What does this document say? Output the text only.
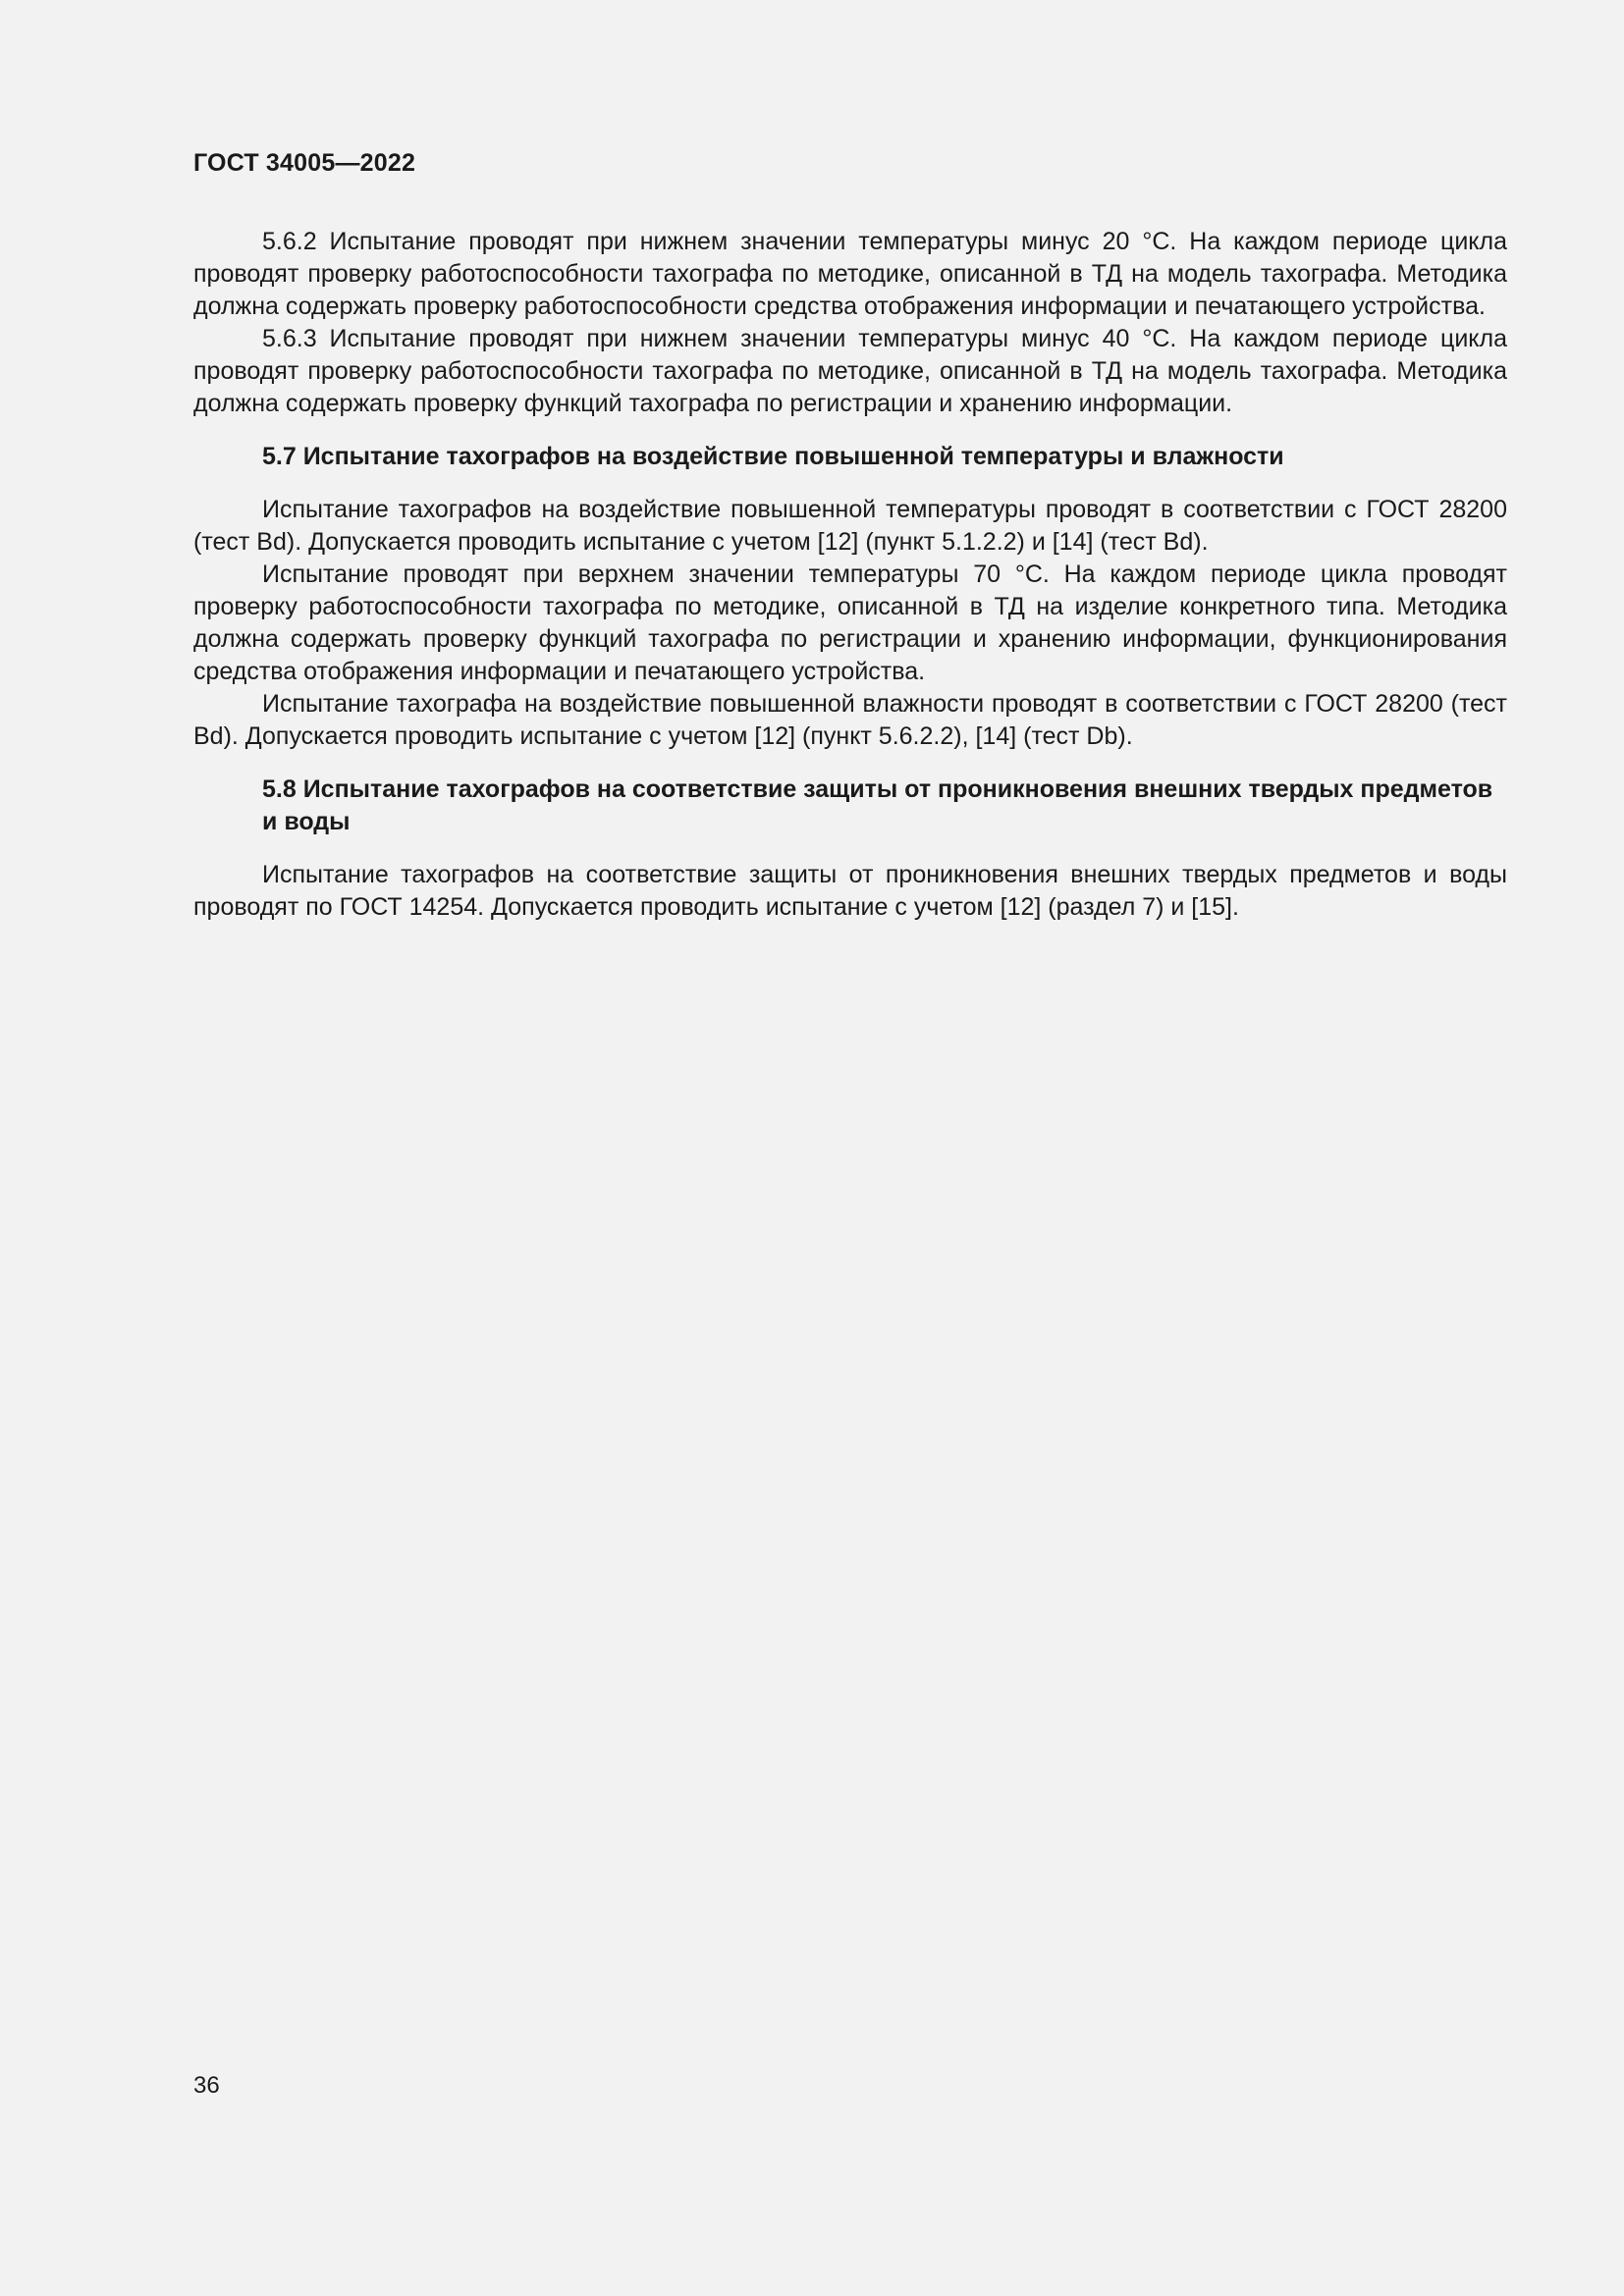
ГОСТ 34005—2022

5.6.2 Испытание проводят при нижнем значении температуры минус 20 °С. На каждом периоде цикла проводят проверку работоспособности тахографа по методике, описанной в ТД на модель тахографа. Методика должна содержать проверку работоспособности средства отображения информации и печатающего устройства.

5.6.3 Испытание проводят при нижнем значении температуры минус 40 °С. На каждом периоде цикла проводят проверку работоспособности тахографа по методике, описанной в ТД на модель тахографа. Методика должна содержать проверку функций тахографа по регистрации и хранению информации.

5.7 Испытание тахографов на воздействие повышенной температуры и влажности

Испытание тахографов на воздействие повышенной температуры проводят в соответствии с ГОСТ 28200 (тест Bd). Допускается проводить испытание с учетом [12] (пункт 5.1.2.2) и [14] (тест Bd).

Испытание проводят при верхнем значении температуры 70 °С. На каждом периоде цикла проводят проверку работоспособности тахографа по методике, описанной в ТД на изделие конкретного типа. Методика должна содержать проверку функций тахографа по регистрации и хранению информации, функционирования средства отображения информации и печатающего устройства.

Испытание тахографа на воздействие повышенной влажности проводят в соответствии с ГОСТ 28200 (тест Bd). Допускается проводить испытание с учетом [12] (пункт 5.6.2.2), [14] (тест Db).

5.8 Испытание тахографов на соответствие защиты от проникновения внешних твердых предметов и воды

Испытание тахографов на соответствие защиты от проникновения внешних твердых предметов и воды проводят по ГОСТ 14254. Допускается проводить испытание с учетом [12] (раздел 7) и [15].

36
